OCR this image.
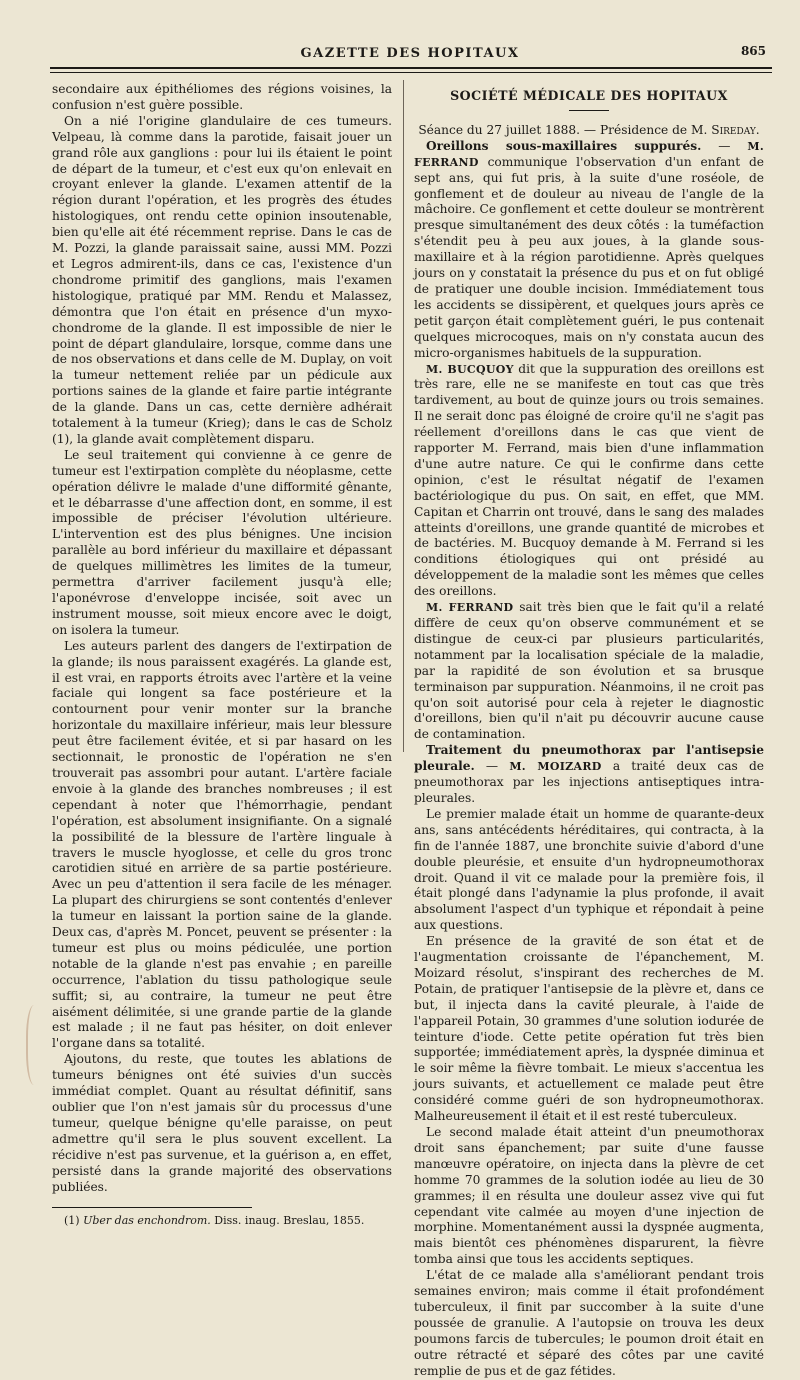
GAZETTE DES HOPITAUX	865

secondaire aux épithéliomes des régions voisines, la confusion n'est guère possible.

On a nié l'origine glandulaire de ces tumeurs. Velpeau, là comme dans la parotide, faisait jouer un grand rôle aux ganglions : pour lui ils étaient le point de départ de la tumeur, et c'est eux qu'on enlevait en croyant enlever la glande. L'examen attentif de la région durant l'opération, et les progrès des études histologiques, ont rendu cette opinion insoutenable, bien qu'elle ait été récemment reprise. Dans le cas de M. Pozzi, la glande paraissait saine, aussi MM. Pozzi et Legros admirent-ils, dans ce cas, l'existence d'un chondrome primitif des ganglions, mais l'examen histologique, pratiqué par MM. Rendu et Malassez, démontra que l'on était en présence d'un myxo-chondrome de la glande. Il est impossible de nier le point de départ glandulaire, lorsque, comme dans une de nos observations et dans celle de M. Duplay, on voit la tumeur nettement reliée par un pédicule aux portions saines de la glande et faire partie intégrante de la glande. Dans un cas, cette dernière adhérait totalement à la tumeur (Krieg); dans le cas de Scholz (1), la glande avait complètement disparu.

Le seul traitement qui convienne à ce genre de tumeur est l'extirpation complète du néoplasme, cette opération délivre le malade d'une difformité gênante, et le débarrasse d'une affection dont, en somme, il est impossible de préciser l'évolution ultérieure. L'intervention est des plus bénignes. Une incision parallèle au bord inférieur du maxillaire et dépassant de quelques millimètres les limites de la tumeur, permettra d'arriver facilement jusqu'à elle; l'aponévrose d'enveloppe incisée, soit avec un instrument mousse, soit mieux encore avec le doigt, on isolera la tumeur.

Les auteurs parlent des dangers de l'extirpation de la glande; ils nous paraissent exagérés. La glande est, il est vrai, en rapports étroits avec l'artère et la veine faciale qui longent sa face postérieure et la contournent pour venir monter sur la branche horizontale du maxillaire inférieur, mais leur blessure peut être facilement évitée, et si par hasard on les sectionnait, le pronostic de l'opération ne s'en trouverait pas assombri pour autant. L'artère faciale envoie à la glande des branches nombreuses ; il est cependant à noter que l'hémorrhagie, pendant l'opération, est absolument insignifiante. On a signalé la possibilité de la blessure de l'artère linguale à travers le muscle hyoglosse, et celle du gros tronc carotidien situé en arrière de sa partie postérieure. Avec un peu d'attention il sera facile de les ménager. La plupart des chirurgiens se sont contentés d'enlever la tumeur en laissant la portion saine de la glande. Deux cas, d'après M. Poncet, peuvent se présenter : la tumeur est plus ou moins pédiculée, une portion notable de la glande n'est pas envahie ; en pareille occurrence, l'ablation du tissu pathologique seule suffit; si, au contraire, la tumeur ne peut être aisément délimitée, si une grande partie de la glande est malade ; il ne faut pas hésiter, on doit enlever l'organe dans sa totalité.

Ajoutons, du reste, que toutes les ablations de tumeurs bénignes ont été suivies d'un succès immédiat complet. Quant au résultat définitif, sans oublier que l'on n'est jamais sûr du processus d'une tumeur, quelque bénigne qu'elle paraisse, on peut admettre qu'il sera le plus souvent excellent. La récidive n'est pas survenue, et la guérison a, en effet, persisté dans la grande majorité des observations publiées.

(1) Uber das enchondrom. Diss. inaug. Breslau, 1855.

SOCIÉTÉ MÉDICALE DES HOPITAUX

Séance du 27 juillet 1888. — Présidence de M. Sireday.

Oreillons sous-maxillaires suppurés. — M. FERRAND communique l'observation d'un enfant de sept ans, qui fut pris, à la suite d'une roséole, de gonflement et de douleur au niveau de l'angle de la mâchoire. Ce gonflement et cette douleur se montrèrent presque simultanément des deux côtés : la tuméfaction s'étendit peu à peu aux joues, à la glande sous-maxillaire et à la région parotidienne. Après quelques jours on y constatait la présence du pus et on fut obligé de pratiquer une double incision. Immédiatement tous les accidents se dissipèrent, et quelques jours après ce petit garçon était complètement guéri, le pus contenait quelques microcoques, mais on n'y constata aucun des micro-organismes habituels de la suppuration.

M. BUCQUOY dit que la suppuration des oreillons est très rare, elle ne se manifeste en tout cas que très tardivement, au bout de quinze jours ou trois semaines. Il ne serait donc pas éloigné de croire qu'il ne s'agit pas réellement d'oreillons dans le cas que vient de rapporter M. Ferrand, mais bien d'une inflammation d'une autre nature. Ce qui le confirme dans cette opinion, c'est le résultat négatif de l'examen bactériologique du pus. On sait, en effet, que MM. Capitan et Charrin ont trouvé, dans le sang des malades atteints d'oreillons, une grande quantité de microbes et de bactéries. M. Bucquoy demande à M. Ferrand si les conditions étiologiques qui ont présidé au développement de la maladie sont les mêmes que celles des oreillons.

M. FERRAND sait très bien que le fait qu'il a relaté diffère de ceux qu'on observe communément et se distingue de ceux-ci par plusieurs particularités, notamment par la localisation spéciale de la maladie, par la rapidité de son évolution et sa brusque terminaison par suppuration. Néanmoins, il ne croit pas qu'on soit autorisé pour cela à rejeter le diagnostic d'oreillons, bien qu'il n'ait pu découvrir aucune cause de contamination.

Traitement du pneumothorax par l'antisepsie pleurale. — M. MOIZARD a traité deux cas de pneumothorax par les injections antiseptiques intra-pleurales.

Le premier malade était un homme de quarante-deux ans, sans antécédents héréditaires, qui contracta, à la fin de l'année 1887, une bronchite suivie d'abord d'une double pleurésie, et ensuite d'un hydropneumothorax droit. Quand il vit ce malade pour la première fois, il était plongé dans l'adynamie la plus profonde, il avait absolument l'aspect d'un typhique et répondait à peine aux questions.

En présence de la gravité de son état et de l'augmentation croissante de l'épanchement, M. Moizard résolut, s'inspirant des recherches de M. Potain, de pratiquer l'antisepsie de la plèvre et, dans ce but, il injecta dans la cavité pleurale, à l'aide de l'appareil Potain, 30 grammes d'une solution iodurée de teinture d'iode. Cette petite opération fut très bien supportée; immédiatement après, la dyspnée diminua et le soir même la fièvre tombait. Le mieux s'accentua les jours suivants, et actuellement ce malade peut être considéré comme guéri de son hydropneumothorax. Malheureusement il était et il est resté tuberculeux.

Le second malade était atteint d'un pneumothorax droit sans épanchement; par suite d'une fausse manœuvre opératoire, on injecta dans la plèvre de cet homme 70 grammes de la solution iodée au lieu de 30 grammes; il en résulta une douleur assez vive qui fut cependant vite calmée au moyen d'une injection de morphine. Momentanément aussi la dyspnée augmenta, mais bientôt ces phénomènes disparurent, la fièvre tomba ainsi que tous les accidents septiques.

L'état de ce malade alla s'améliorant pendant trois semaines environ; mais comme il était profondément tuberculeux, il finit par succomber à la suite d'une poussée de granulie. A l'autopsie on trouva les deux poumons farcis de tubercules; le poumon droit était en outre rétracté et séparé des côtes par une cavité remplie de pus et de gaz fétides.
